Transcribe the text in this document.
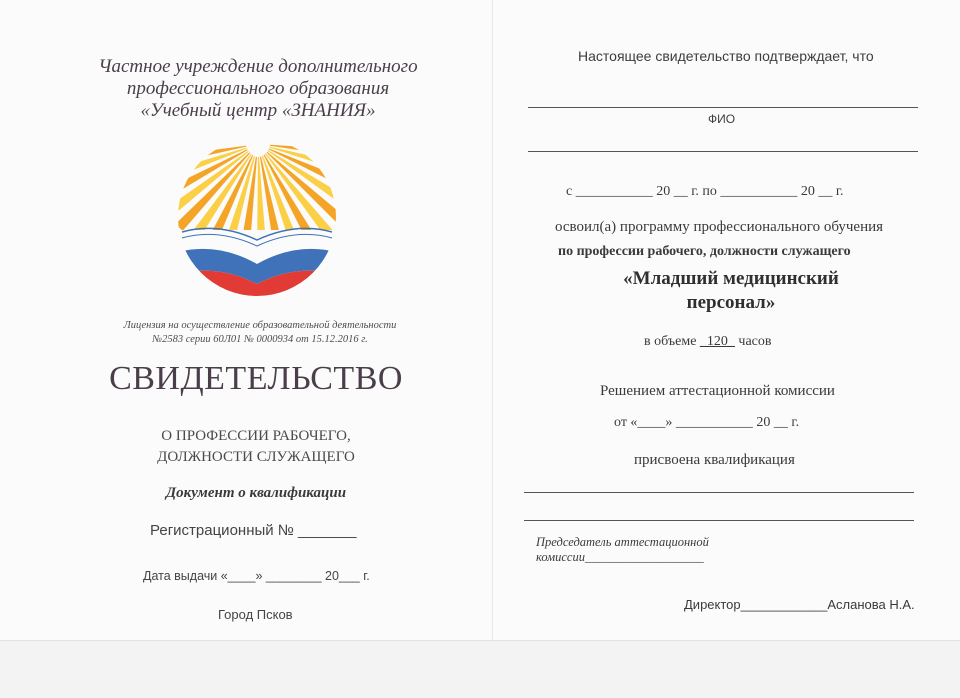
Частное учреждение дополнительного
профессионального образования
«Учебный центр «ЗНАНИЯ»
Лицензия на осуществление образовательной деятельности
№2583 серии 60Л01 № 0000934 от 15.12.2016 г.
СВИДЕТЕЛЬСТВО
О ПРОФЕССИИ РАБОЧЕГО,
ДОЛЖНОСТИ СЛУЖАЩЕГО
Документ о квалификации
Регистрационный № _______
Дата выдачи «____» ________ 20___ г.
Город Псков
Настоящее свидетельство подтверждает, что
ФИО
с ___________ 20 __ г. по ___________ 20 __ г.
освоил(а) программу профессионального обучения
по профессии рабочего, должности служащего
«Младший медицинский
персонал»
в объеме _120_ часов
Решением аттестационной комиссии
от «____» ___________ 20 __ г.
присвоена квалификация
Председатель аттестационной
комиссии___________________
Директор____________Асланова Н.А.
